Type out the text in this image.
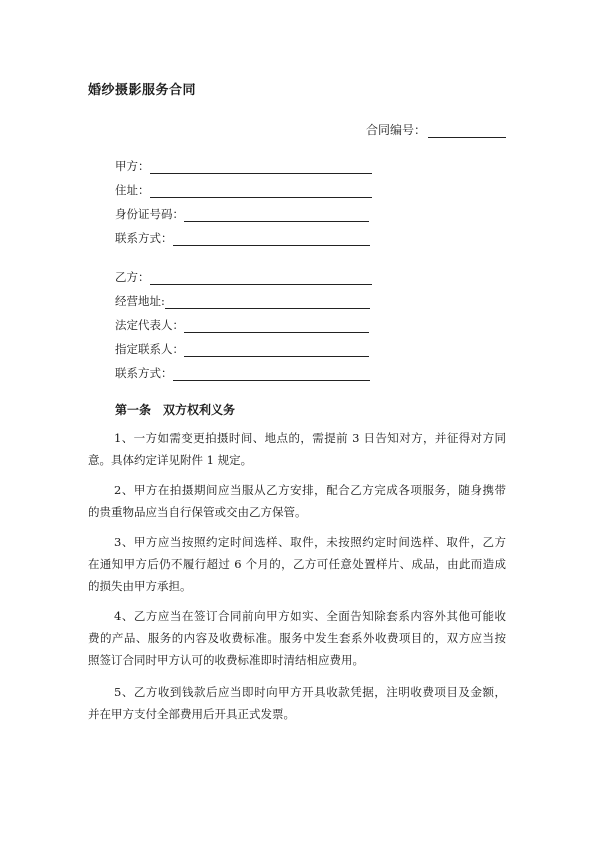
婚纱摄影服务合同
合同编号：
甲方：
住址：
身份证号码：
联系方式：
乙方：
经营地址:
法定代表人：
指定联系人：
联系方式：
第一条　双方权利义务
1、一方如需变更拍摄时间、地点的，需提前 3 日告知对方，并征得对方同
意。具体约定详见附件 1 规定。
2、甲方在拍摄期间应当服从乙方安排，配合乙方完成各项服务，随身携带
的贵重物品应当自行保管或交由乙方保管。
3、甲方应当按照约定时间选样、取件，未按照约定时间选样、取件，乙方
在通知甲方后仍不履行超过 6 个月的，乙方可任意处置样片、成品，由此而造成
的损失由甲方承担。
4、乙方应当在签订合同前向甲方如实、全面告知除套系内容外其他可能收
费的产品、服务的内容及收费标准。服务中发生套系外收费项目的，双方应当按
照签订合同时甲方认可的收费标准即时清结相应费用。
5、乙方收到钱款后应当即时向甲方开具收款凭据，注明收费项目及金额，
并在甲方支付全部费用后开具正式发票。
